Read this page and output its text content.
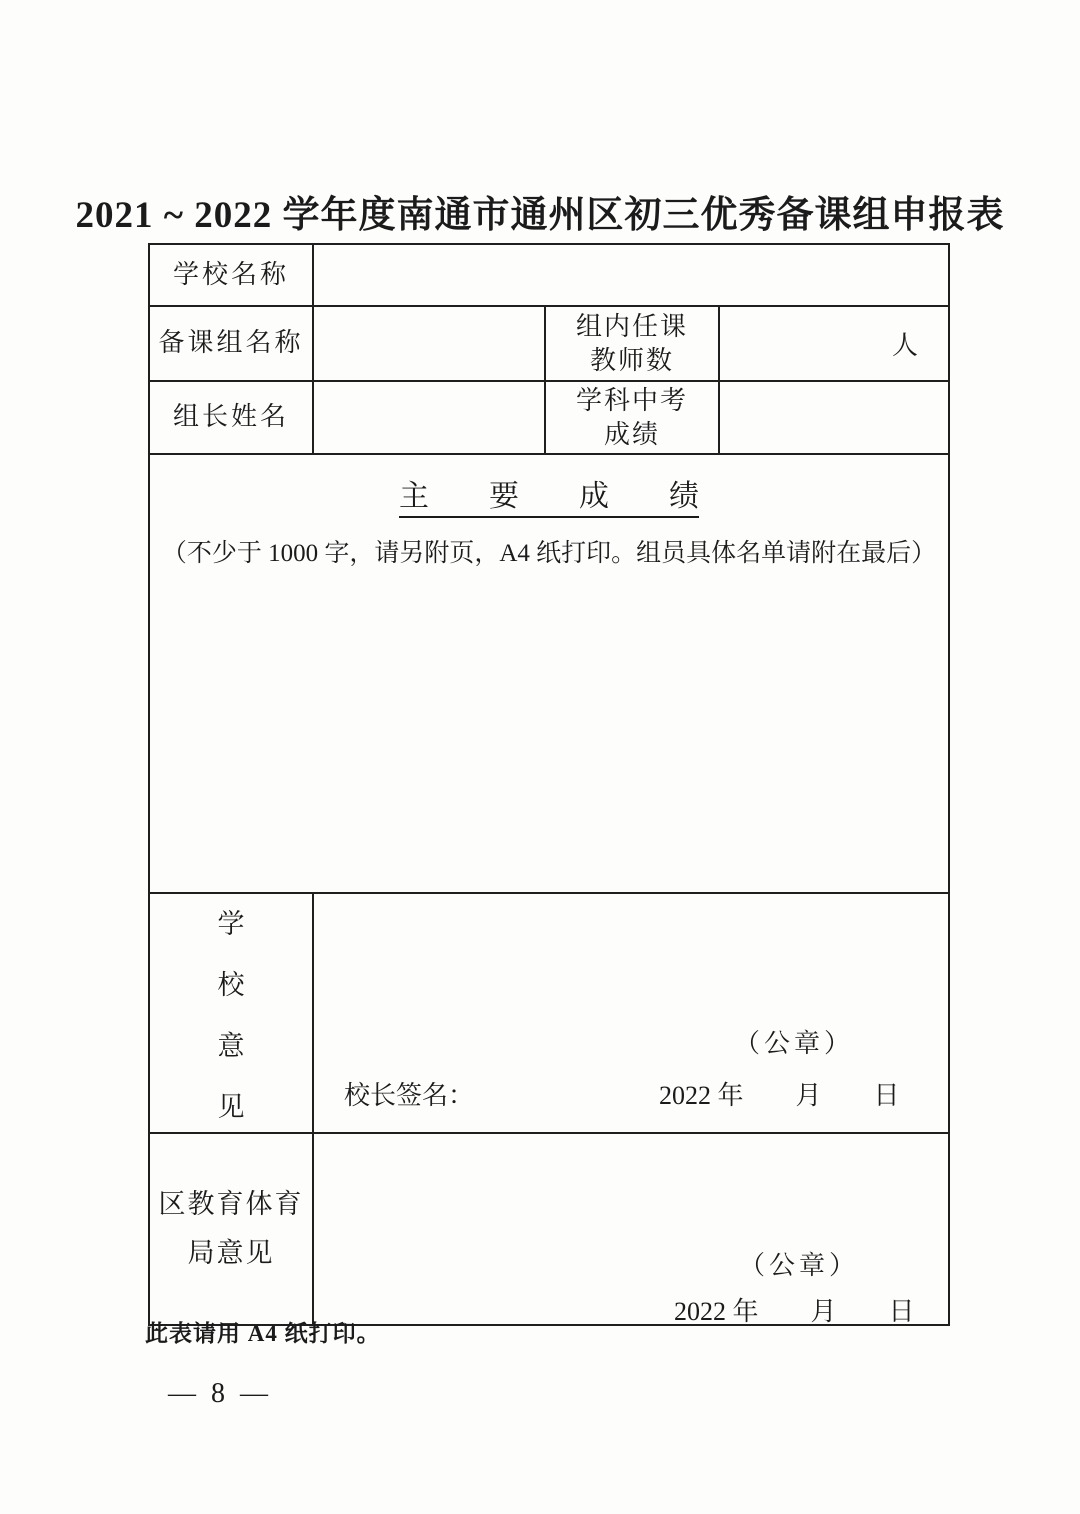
2021 ~ 2022 学年度南通市通州区初三优秀备课组申报表
学校名称			
备课组名称		组内任课
教师数	人
组长姓名		学科中考
成绩	

主　　要　　成　　绩
（不少于 1000 字，请另附页，A4 纸打印。组员具体名单请附在最后）			

学
校
意
见	（公章）
校长签名： 2022 年　　月　　日		

区教育体育
局意见	（公章）
2022 年　　月　　日
此表请用 A4 纸打印。
— 8 —
